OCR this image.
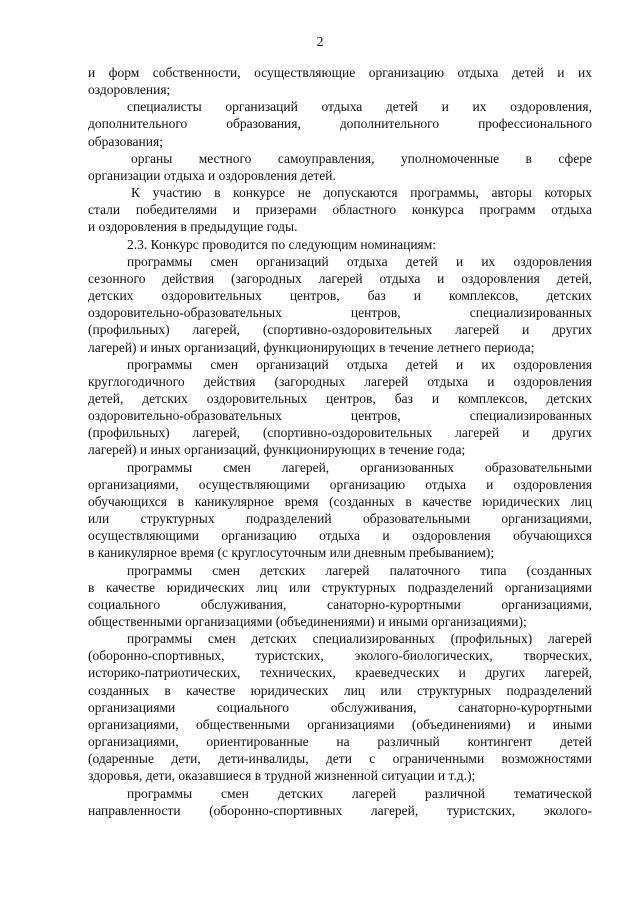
2
и форм собственности, осуществляющие организацию отдыха детей и их
оздоровления;
специалисты организаций отдыха детей и их оздоровления,
дополнительного образования, дополнительного профессионального
образования;
органы местного самоуправления, уполномоченные в сфере
организации отдыха и оздоровления детей.
К участию в конкурсе не допускаются программы, авторы которых
стали победителями и призерами областного конкурса программ отдыха
и оздоровления в предыдущие годы.
2.3. Конкурс проводится по следующим номинациям:
программы смен организаций отдыха детей и их оздоровления
сезонного действия (загородных лагерей отдыха и оздоровления детей,
детских оздоровительных центров, баз и комплексов, детских
оздоровительно-образовательных центров, специализированных
(профильных) лагерей, (спортивно-оздоровительных лагерей и других
лагерей) и иных организаций, функционирующих в течение летнего периода;
программы смен организаций отдыха детей и их оздоровления
круглогодичного действия (загородных лагерей отдыха и оздоровления
детей, детских оздоровительных центров, баз и комплексов, детских
оздоровительно-образовательных центров, специализированных
(профильных) лагерей, (спортивно-оздоровительных лагерей и других
лагерей) и иных организаций, функционирующих в течение года;
программы смен лагерей, организованных образовательными
организациями, осуществляющими организацию отдыха и оздоровления
обучающихся в каникулярное время (созданных в качестве юридических лиц
или структурных подразделений образовательными организациями,
осуществляющими организацию отдыха и оздоровления обучающихся
в каникулярное время (с круглосуточным или дневным пребыванием);
программы смен детских лагерей палаточного типа (созданных
в качестве юридических лиц или структурных подразделений организациями
социального обслуживания, санаторно-курортными организациями,
общественными организациями (объединениями) и иными организациями);
программы смен детских специализированных (профильных) лагерей
(оборонно-спортивных, туристских, эколого-биологических, творческих,
историко-патриотических, технических, краеведческих и других лагерей,
созданных в качестве юридических лиц или структурных подразделений
организациями социального обслуживания, санаторно-курортными
организациями, общественными организациями (объединениями) и иными
организациями, ориентированные на различный контингент детей
(одаренные дети, дети-инвалиды, дети с ограниченными возможностями
здоровья, дети, оказавшиеся в трудной жизненной ситуации и т.д.);
программы смен детских лагерей различной тематической
направленности (оборонно-спортивных лагерей, туристских, эколого-
